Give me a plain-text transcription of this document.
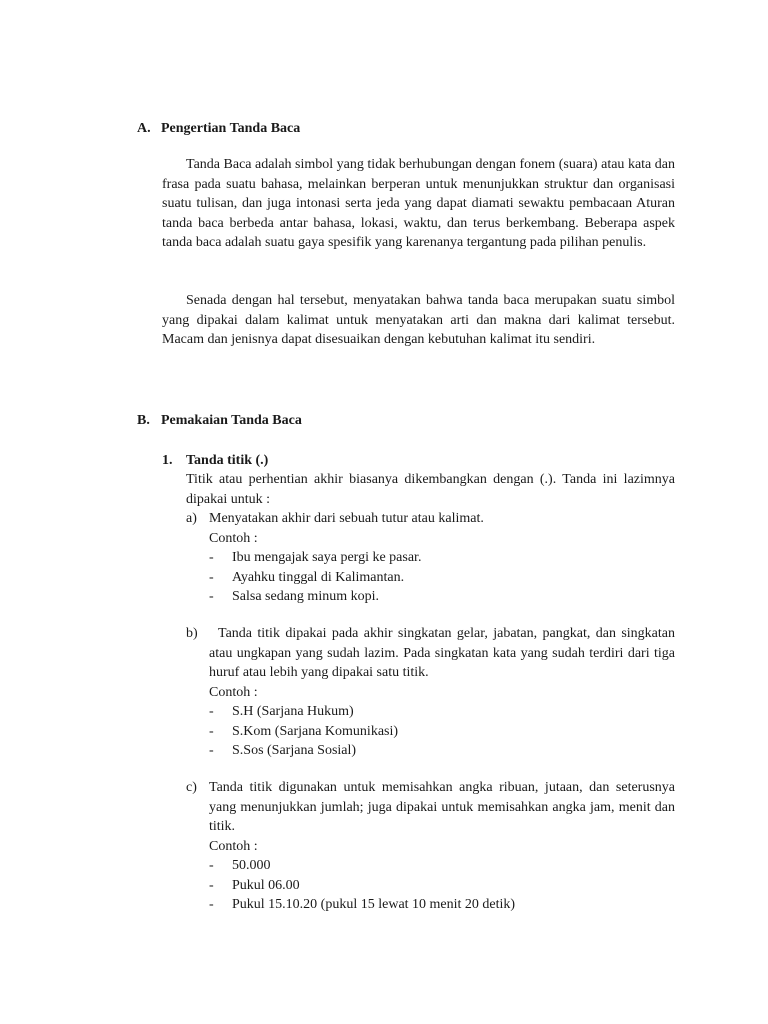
A. Pengertian Tanda Baca
Tanda Baca adalah simbol yang tidak berhubungan dengan fonem (suara) atau kata dan frasa pada suatu bahasa, melainkan berperan untuk menunjukkan struktur dan organisasi suatu tulisan, dan juga intonasi serta jeda yang dapat diamati sewaktu pembacaan Aturan tanda baca berbeda antar bahasa, lokasi, waktu, dan terus berkembang. Beberapa aspek tanda baca adalah suatu gaya spesifik yang karenanya tergantung pada pilihan penulis.
Senada dengan hal tersebut, menyatakan bahwa tanda baca merupakan suatu simbol yang dipakai dalam kalimat untuk menyatakan arti dan makna dari kalimat tersebut. Macam dan jenisnya dapat disesuaikan dengan kebutuhan kalimat itu sendiri.
B. Pemakaian Tanda Baca
1. Tanda titik (.)
Titik atau perhentian akhir biasanya dikembangkan dengan (.). Tanda ini lazimnya dipakai untuk :
a) Menyatakan akhir dari sebuah tutur atau kalimat.
Contoh :
- Ibu mengajak saya pergi ke pasar.
- Ayahku tinggal di Kalimantan.
- Salsa sedang minum kopi.
b)	Tanda titik dipakai pada akhir singkatan gelar, jabatan, pangkat, dan singkatan atau ungkapan yang sudah lazim. Pada singkatan kata yang sudah terdiri dari tiga huruf atau lebih yang dipakai satu titik.
Contoh :
- S.H (Sarjana Hukum)
- S.Kom (Sarjana Komunikasi)
- S.Sos (Sarjana Sosial)
c) Tanda titik digunakan untuk memisahkan angka ribuan, jutaan, dan seterusnya yang menunjukkan jumlah; juga dipakai untuk memisahkan angka jam, menit dan titik.
Contoh :
- 50.000
- Pukul 06.00
- Pukul 15.10.20 (pukul 15 lewat 10 menit 20 detik)
